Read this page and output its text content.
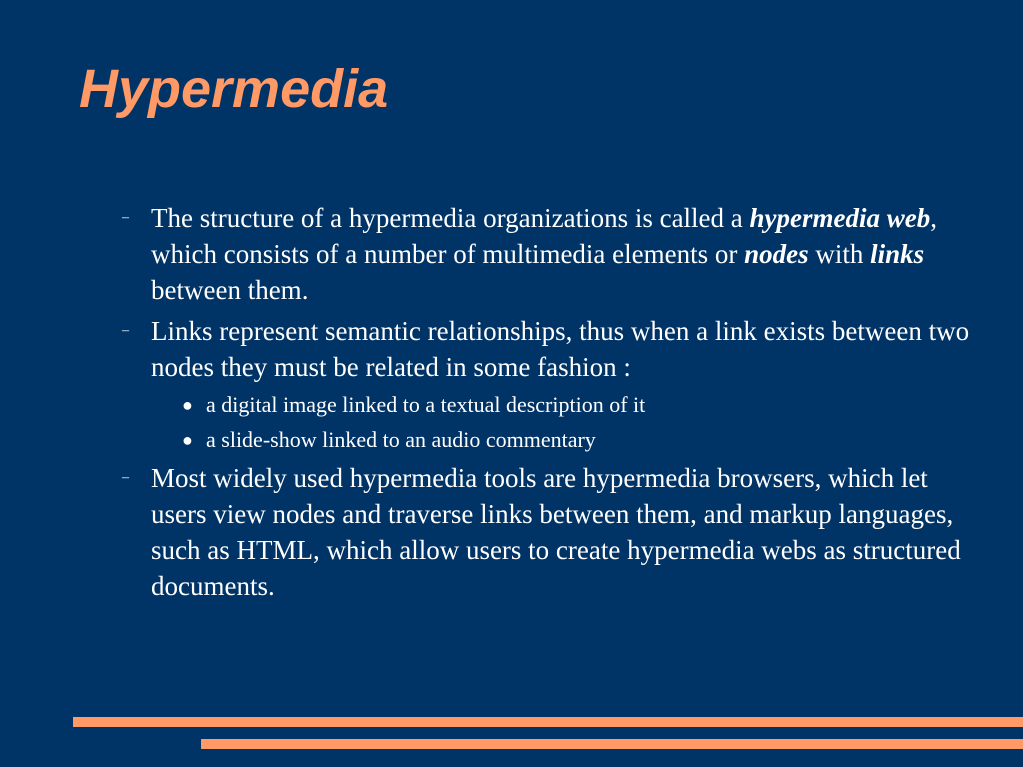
Hypermedia
– The structure of a hypermedia organizations is called a hypermedia web, which consists of a number of multimedia elements or nodes with links between them.
– Links represent semantic relationships, thus when a link exists between two nodes they must be related in some fashion :
● a digital image linked to a textual description of it
● a slide-show linked to an audio commentary
– Most widely used hypermedia tools are hypermedia browsers, which let users view nodes and traverse links between them, and markup languages, such as HTML, which allow users to create hypermedia webs as structured documents.
